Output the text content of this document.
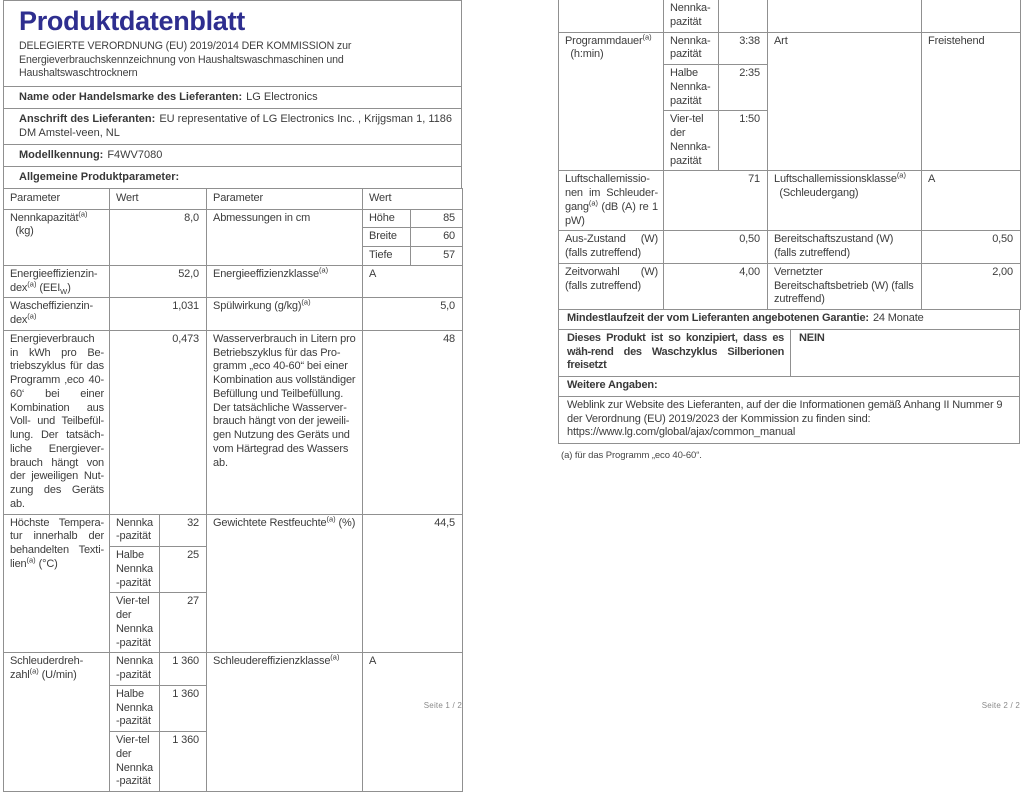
Produktdatenblatt
DELEGIERTE VERORDNUNG (EU) 2019/2014 DER KOMMISSION zur
Energieverbrauchskennzeichnung von Haushaltswaschmaschinen und Haushaltswaschtrocknern
Name oder Handelsmarke des Lieferanten: LG Electronics
Anschrift des Lieferanten: EU representative of LG Electronics Inc. , Krijgsman 1, 1186 DM Amstel-veen, NL
Modellkennung: F4WV7080
Allgemeine Produktparameter:
Parameter	Wert		Parameter	Wert	
Nennkapazität$^{(a)}$
 (kg)	8,0		Abmessungen in cm	Höhe	85
				Breite	60
				Tiefe	57
Energieeffizienzin-dex$^{(a)}$ $(EEI_W)$	52,0		Energieeffizienzklasse$^{(a)}$	A	
Wascheffizienzin-dex$^{(a)}$	1,031		Spülwirkung $(g/kg)^{(a)}$	5,0	
Energieverbrauch in kWh pro Be-triebszyklus für das Programm ‚eco 40-60‘ bei einer Kombination aus Voll- und Teilbefül-lung. Der tatsäch-liche Energiever-brauch hängt von der jeweiligen Nut-zung des Geräts ab.	0,473	Wasserverbrauch in Litern pro Betriebszyklus für das Pro-gramm „eco 40-60“ bei einer Kombination aus vollständiger Befüllung und Teilbefüllung. Der tatsächliche Wasserver-brauch hängt von der jeweili-gen Nutzung des Geräts und vom Härtegrad des Wassers ab.	48
Höchste Tempera-tur innerhalb der behandelten Texti-lien$^{(a)}$ (°C)	Nennka-pazität	32	Gewichtete Restfeuchte$^{(a)}$ (%)	44,5	
	Halbe Nennka-pazität	25			
	Vier-tel der Nennka-pazität	27			
Schleuderdreh-zahl$^{(a)}$ (U/min)	Nennka-pazität	1 360	Schleudereffizienzklasse$^{(a)}$	A	
	Halbe Nennka-pazität	1 360			
	Vier-tel der Nennka-pazität	1 360			
Seite 1 / 2
	Nennka-pazität			
Programmdauer$^{(a)}$
 (h:min)	Nennka-pazität	3:38	Art	Freistehend
	Halbe Nennka-pazität	2:35		
	Vier-tel der Nennka-pazität	1:50		
Luftschallemissio-nen im Schleuder-gang$^{(a)}$ (dB (A) re 1 pW)	71		Luftschallemissionsklasse$^{(a)}$
 (Schleudergang)	A
Aus-Zustand (W) (falls zutreffend)	0,50		Bereitschaftszustand (W) (falls zutreffend)	0,50
Zeitvorwahl (W) (falls zutreffend)	4,00		Vernetzter Bereitschaftsbetrieb (W) (falls zutreffend)	2,00
Mindestlaufzeit der vom Lieferanten angebotenen Garantie: 24 Monate
Dieses Produkt ist so konzipiert, dass es wäh-rend des Waschzyklus Silberionen freisetzt
NEIN
Weitere Angaben:
Weblink zur Website des Lieferanten, auf der die Informationen gemäß Anhang II Nummer 9 der Verordnung (EU) 2019/2023 der Kommission zu finden sind:  https://www.lg.com/global/ajax/common_manual
(a) für das Programm „eco 40-60“.
Seite 2 / 2
